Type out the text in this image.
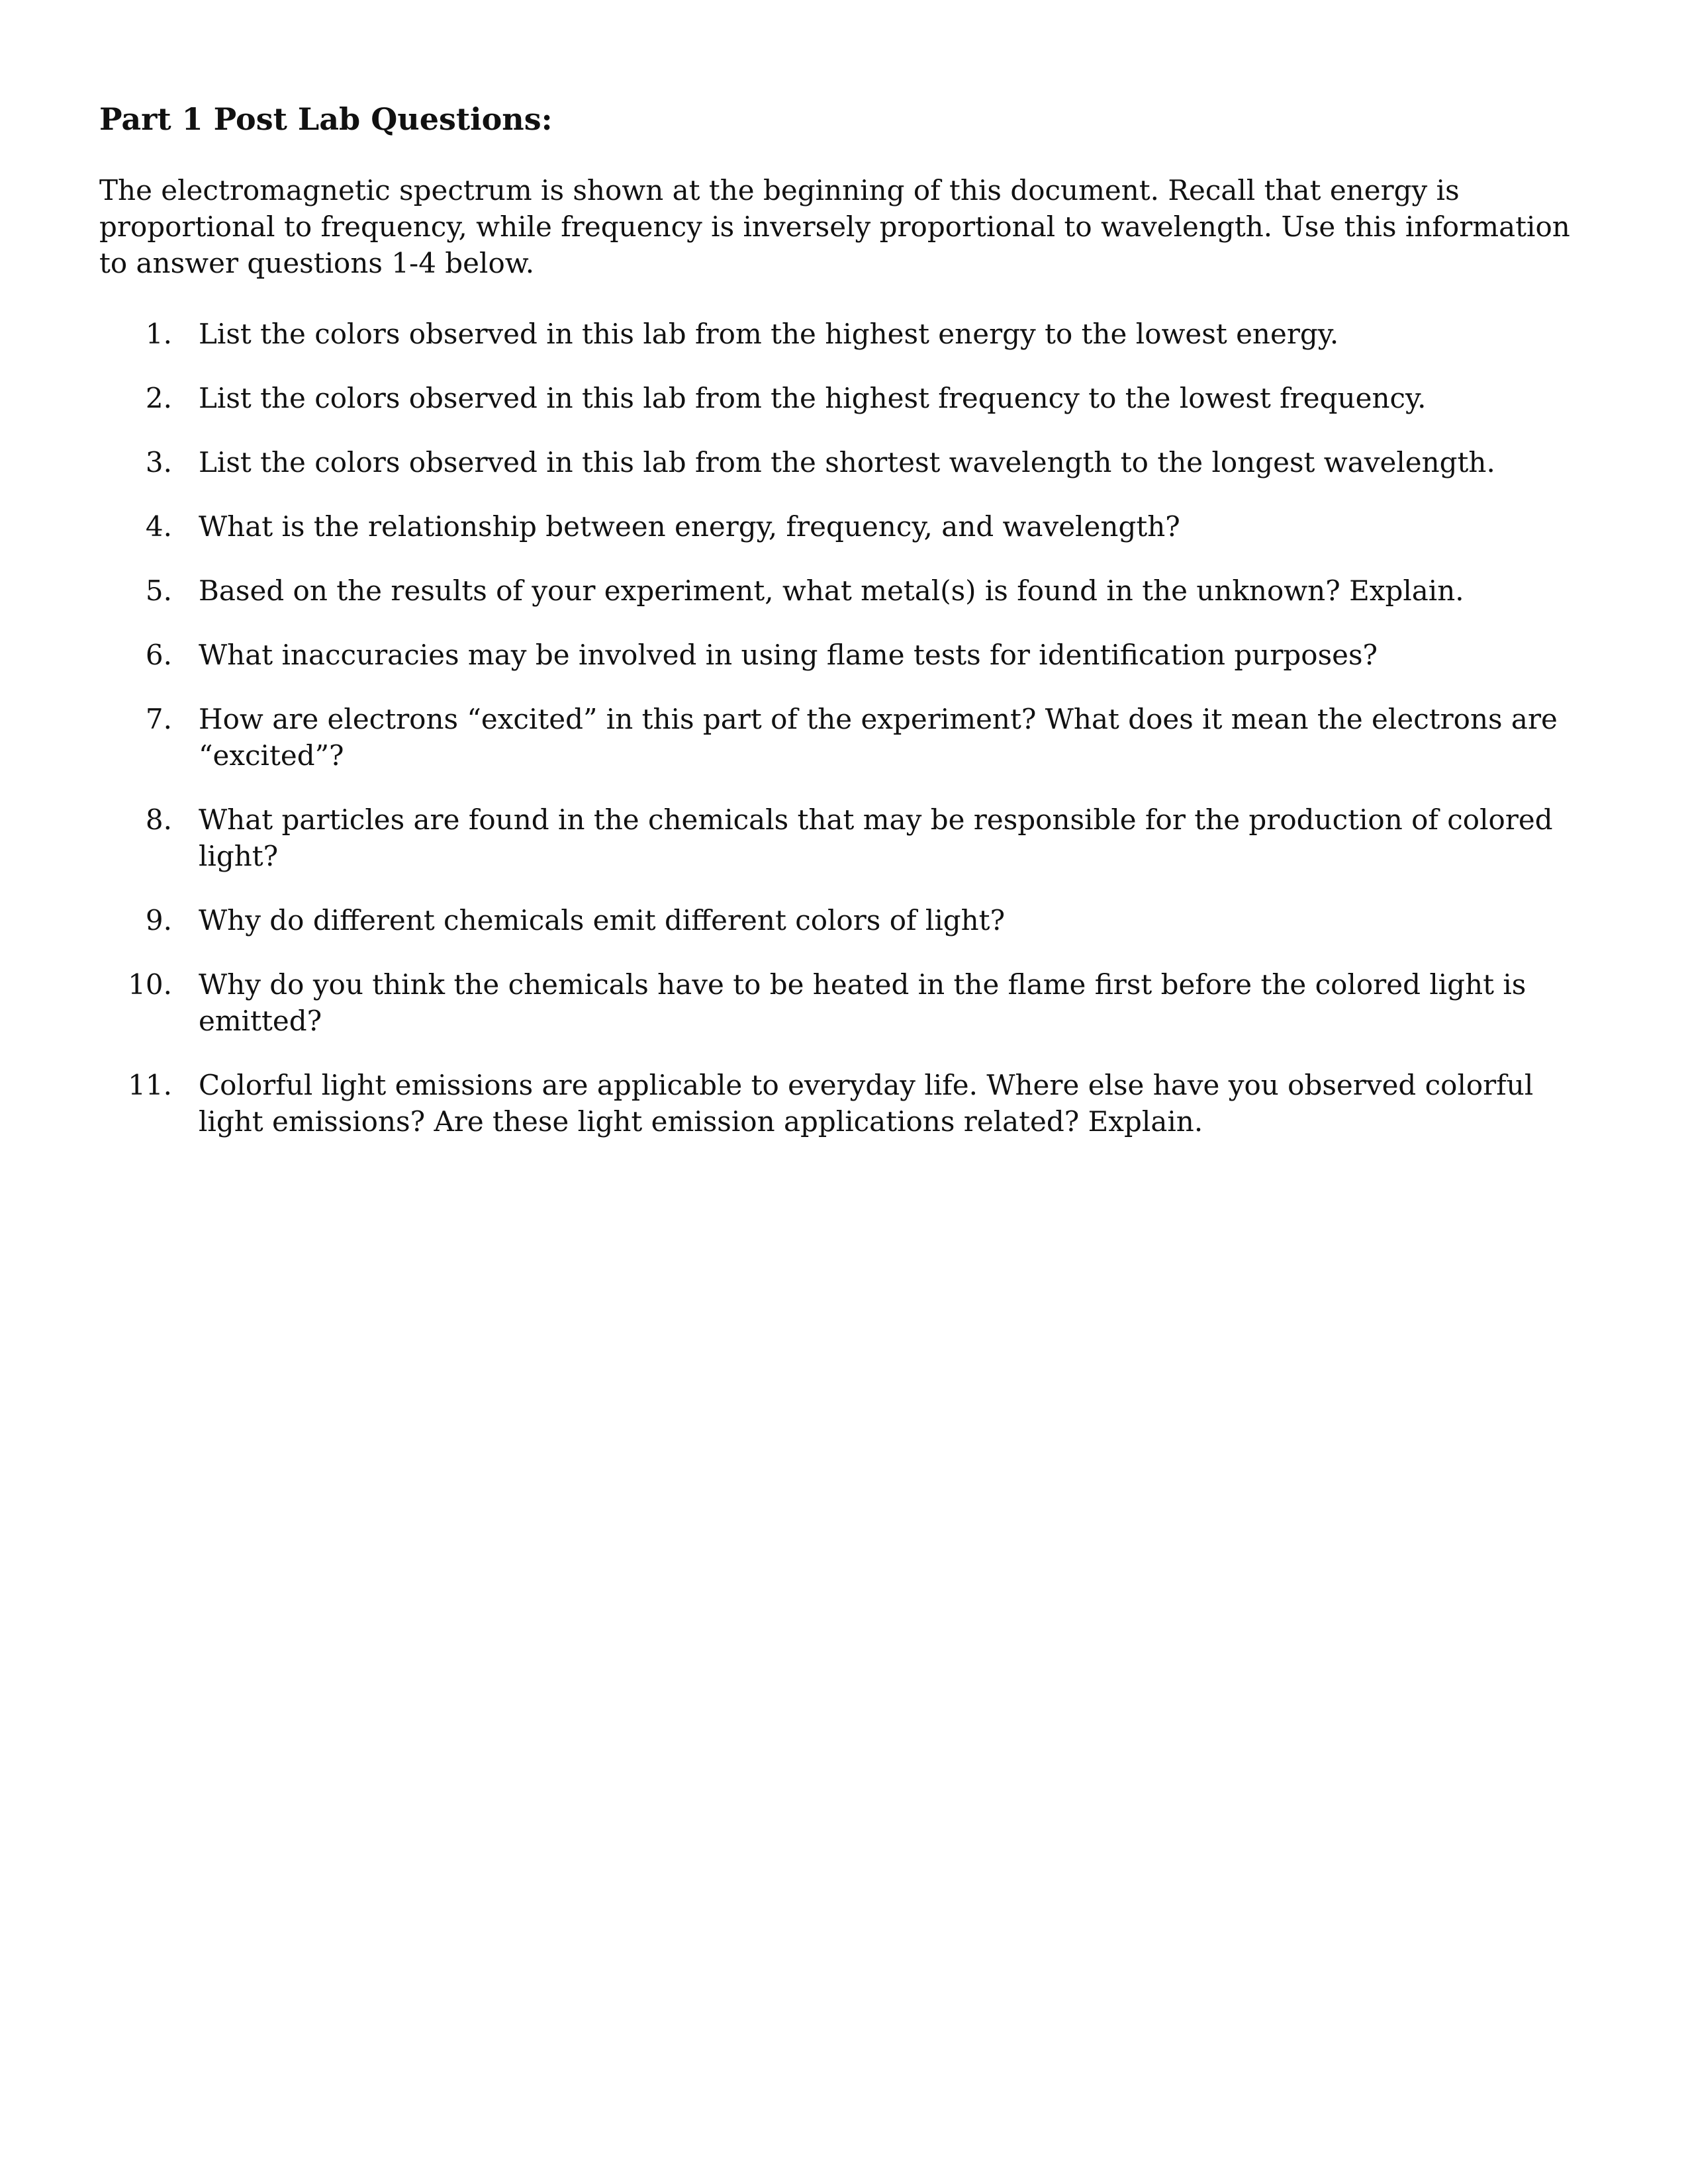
Part 1 Post Lab Questions:

The electromagnetic spectrum is shown at the beginning of this document. Recall that energy is proportional to frequency, while frequency is inversely proportional to wavelength. Use this information to answer questions 1-4 below.

1. List the colors observed in this lab from the highest energy to the lowest energy.
2. List the colors observed in this lab from the highest frequency to the lowest frequency.
3. List the colors observed in this lab from the shortest wavelength to the longest wavelength.
4. What is the relationship between energy, frequency, and wavelength?
5. Based on the results of your experiment, what metal(s) is found in the unknown? Explain.
6. What inaccuracies may be involved in using flame tests for identification purposes?
7. How are electrons “excited” in this part of the experiment? What does it mean the electrons are “excited”?
8. What particles are found in the chemicals that may be responsible for the production of colored light?
9. Why do different chemicals emit different colors of light?
10. Why do you think the chemicals have to be heated in the flame first before the colored light is emitted?
11. Colorful light emissions are applicable to everyday life. Where else have you observed colorful light emissions? Are these light emission applications related? Explain.
